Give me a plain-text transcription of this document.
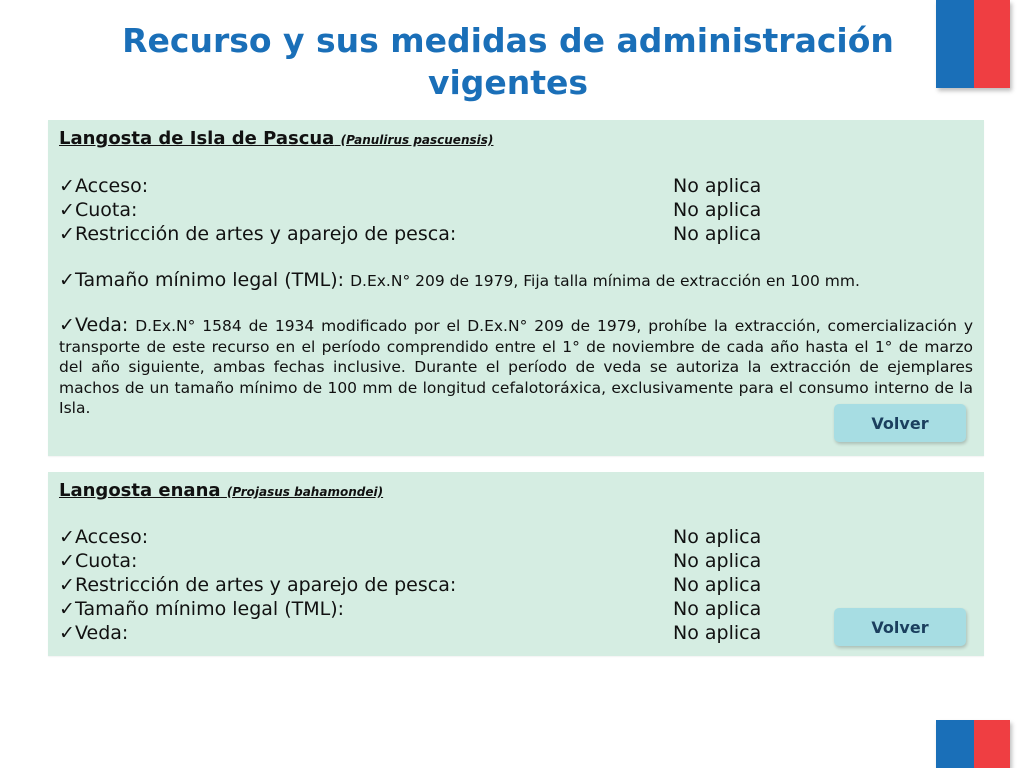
Recurso y sus medidas de administración vigentes
Langosta de Isla de Pascua (Panulirus pascuensis)
✓Acceso:	No aplica
✓Cuota:	No aplica
✓Restricción de artes y aparejo de pesca:	No aplica
✓Tamaño mínimo legal (TML): D.Ex.N° 209 de 1979, Fija talla mínima de extracción en 100 mm.
✓Veda: D.Ex.N° 1584 de 1934 modificado por el D.Ex.N° 209 de 1979, prohíbe la extracción, comercialización y transporte de este recurso en el período comprendido entre el 1° de noviembre de cada año hasta el 1° de marzo del año siguiente, ambas fechas inclusive. Durante el período de veda se autoriza la extracción de ejemplares machos de un tamaño mínimo de 100 mm de longitud cefalotoráxica, exclusivamente para el consumo interno de la Isla.
Volver
Langosta enana (Projasus bahamondei)
✓Acceso:	No aplica
✓Cuota:	No aplica
✓Restricción de artes y aparejo de pesca:	No aplica
✓Tamaño mínimo legal (TML):	No aplica
✓Veda:	No aplica	Volver
